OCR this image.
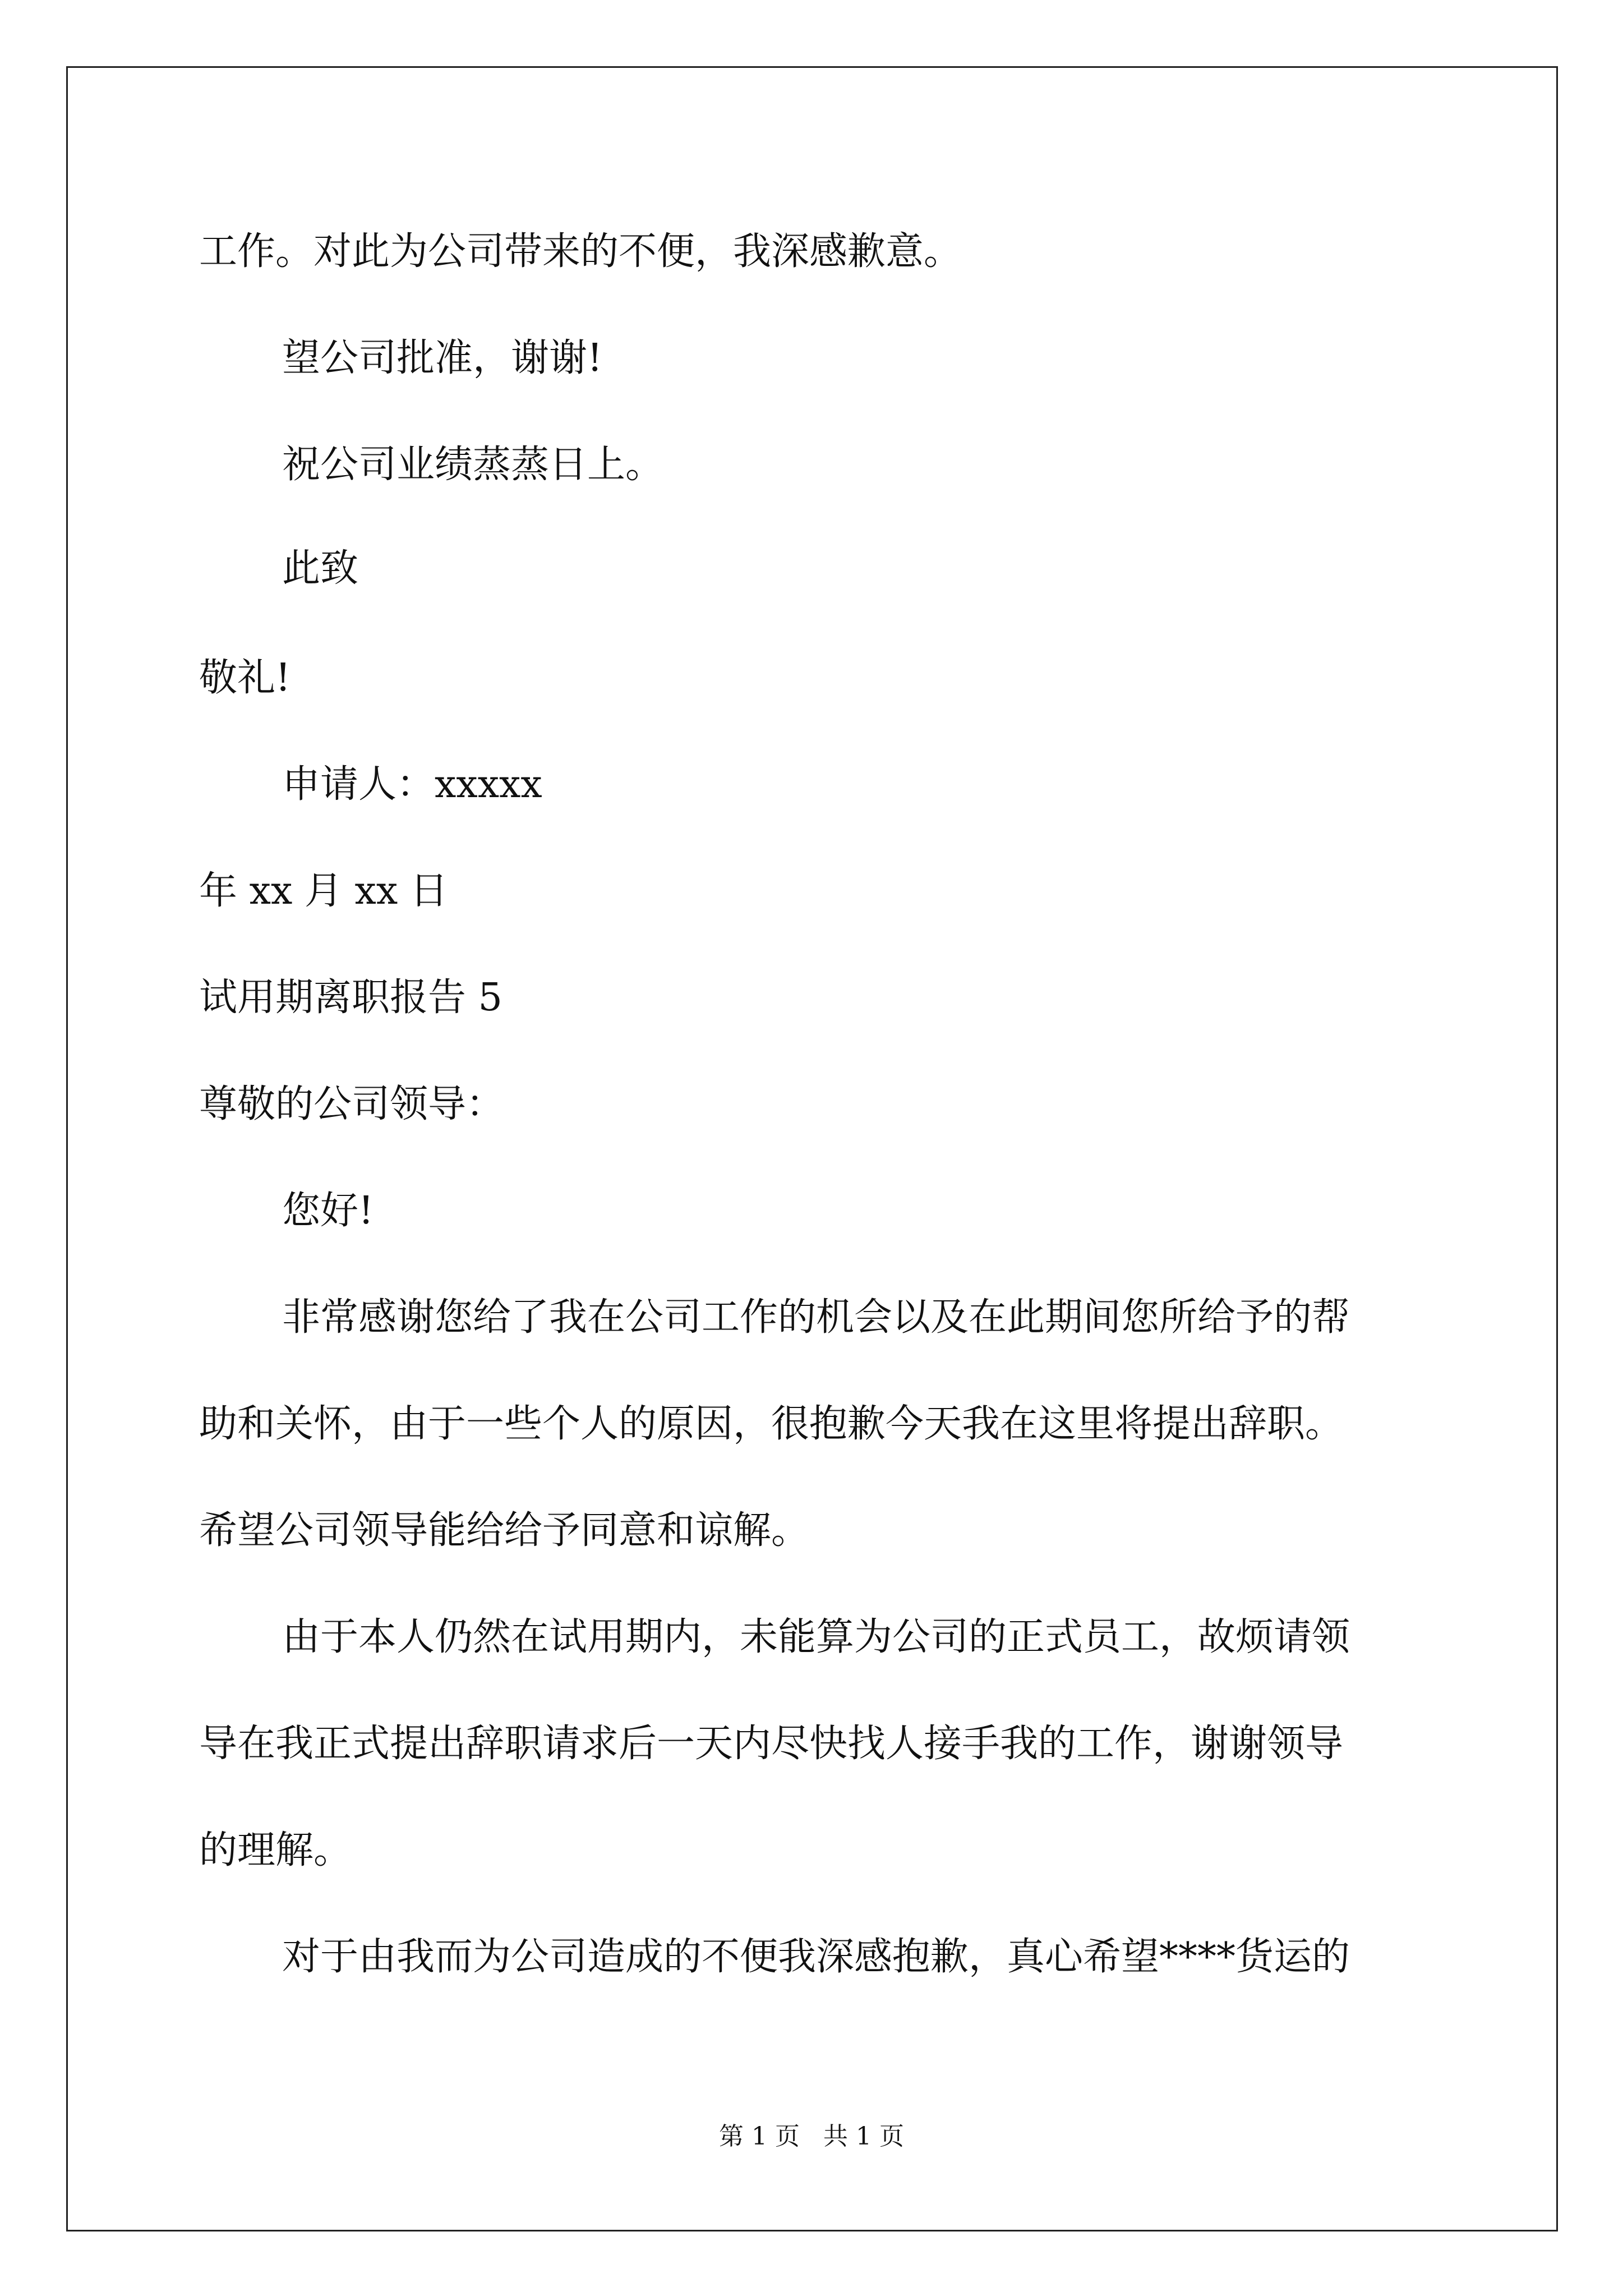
工作。对此为公司带来的不便，我深感歉意。
望公司批准，谢谢!
祝公司业绩蒸蒸日上。
此致
敬礼!
申请人：xxxxx
年 xx 月 xx 日
试用期离职报告 5
尊敬的公司领导：
您好!
非常感谢您给了我在公司工作的机会以及在此期间您所给予的帮
助和关怀，由于一些个人的原因，很抱歉今天我在这里将提出辞职。
希望公司领导能给给予同意和谅解。
由于本人仍然在试用期内，未能算为公司的正式员工，故烦请领
导在我正式提出辞职请求后一天内尽快找人接手我的工作，谢谢领导
的理解。
对于由我而为公司造成的不便我深感抱歉，真心希望****货运的
第 1 页   共 1 页
